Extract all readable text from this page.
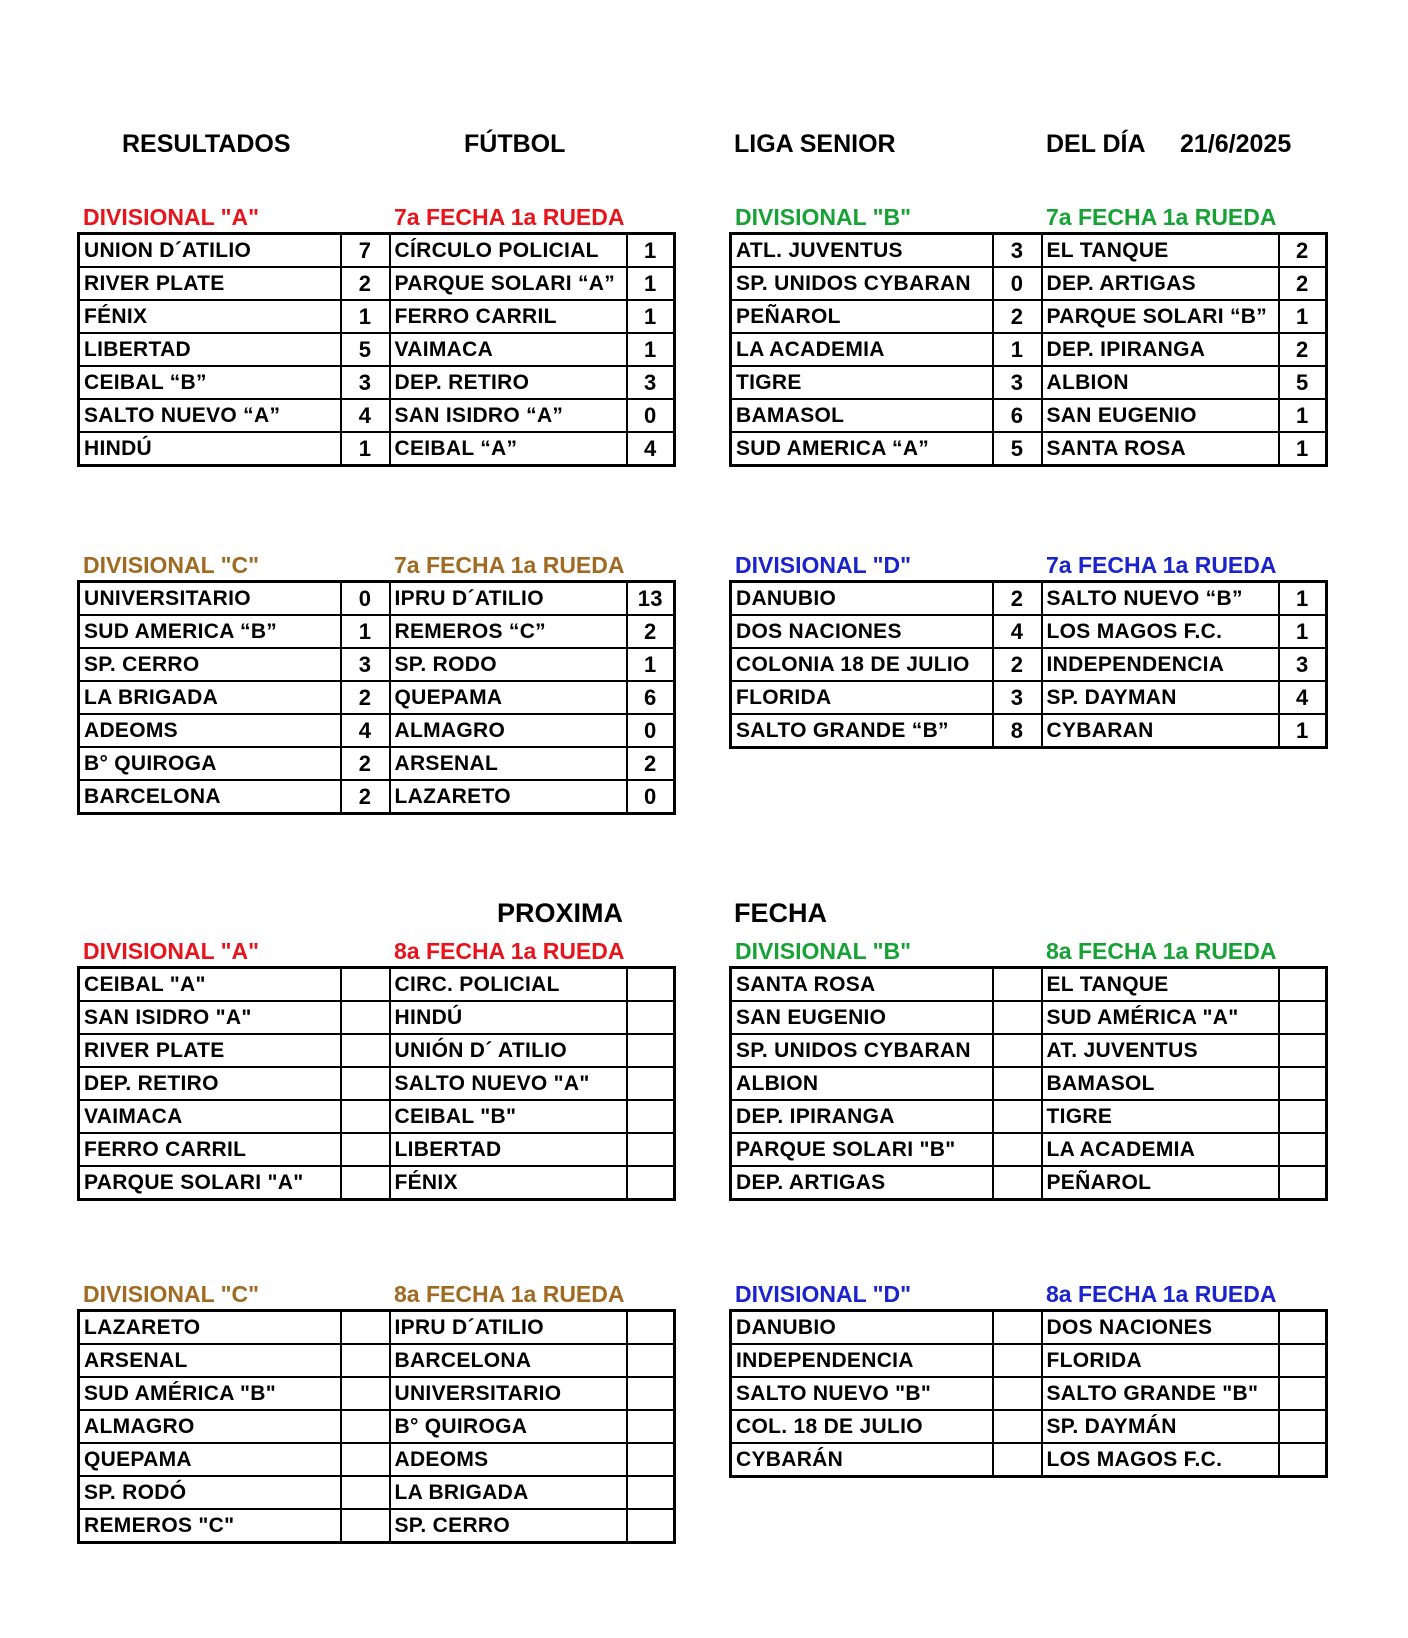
RESULTADOS	FÚTBOL	LIGA SENIOR	DEL DÍA 21/6/2025
DIVISIONAL "A"	7a FECHA 1a RUEDA
UNION D´ATILIO	7	CÍRCULO POLICIAL	1
RIVER PLATE	2	PARQUE SOLARI “A”	1
FÉNIX	1	FERRO CARRIL	1
LIBERTAD	5	VAIMACA	1
CEIBAL “B”	3	DEP. RETIRO	3
SALTO NUEVO “A”	4	SAN ISIDRO “A”	0
HINDÚ	1	CEIBAL “A”	4
DIVISIONAL "B"	7a FECHA 1a RUEDA
ATL. JUVENTUS	3	EL TANQUE	2
SP. UNIDOS CYBARAN	0	DEP. ARTIGAS	2
PEÑAROL	2	PARQUE SOLARI “B”	1
LA ACADEMIA	1	DEP. IPIRANGA	2
TIGRE	3	ALBION	5
BAMASOL	6	SAN EUGENIO	1
SUD AMERICA “A”	5	SANTA ROSA	1
DIVISIONAL "C"	7a FECHA 1a RUEDA
UNIVERSITARIO	0	IPRU D´ATILIO	13
SUD AMERICA “B”	1	REMEROS “C”	2
SP. CERRO	3	SP. RODO	1
LA BRIGADA	2	QUEPAMA	6
ADEOMS	4	ALMAGRO	0
B° QUIROGA	2	ARSENAL	2
BARCELONA	2	LAZARETO	0
DIVISIONAL "D"	7a FECHA 1a RUEDA
DANUBIO	2	SALTO NUEVO “B”	1
DOS NACIONES	4	LOS MAGOS F.C.	1
COLONIA 18 DE JULIO	2	INDEPENDENCIA	3
FLORIDA	3	SP. DAYMAN	4
SALTO GRANDE “B”	8	CYBARAN	1
PROXIMA	FECHA
DIVISIONAL "A"	8a FECHA 1a RUEDA
CEIBAL "A"		CIRC. POLICIAL	
SAN ISIDRO "A"		HINDÚ	
RIVER PLATE		UNIÓN D´ ATILIO	
DEP. RETIRO		SALTO NUEVO "A"	
VAIMACA		CEIBAL "B"	
FERRO CARRIL		LIBERTAD	
PARQUE SOLARI "A"		FÉNIX	
DIVISIONAL "B"	8a FECHA 1a RUEDA
SANTA ROSA		EL TANQUE	
SAN EUGENIO		SUD AMÉRICA "A"	
SP. UNIDOS CYBARAN		AT. JUVENTUS	
ALBION		BAMASOL	
DEP. IPIRANGA		TIGRE	
PARQUE SOLARI "B"		LA ACADEMIA	
DEP. ARTIGAS		PEÑAROL	
DIVISIONAL "C"	8a FECHA 1a RUEDA
LAZARETO		IPRU D´ATILIO	
ARSENAL		BARCELONA	
SUD AMÉRICA "B"		UNIVERSITARIO	
ALMAGRO		B° QUIROGA	
QUEPAMA		ADEOMS	
SP. RODÓ		LA BRIGADA	
REMEROS "C"		SP. CERRO	
DIVISIONAL "D"	8a FECHA 1a RUEDA
DANUBIO		DOS NACIONES	
INDEPENDENCIA		FLORIDA	
SALTO NUEVO "B"		SALTO GRANDE "B"	
COL. 18 DE JULIO		SP. DAYMÁN	
CYBARÁN		LOS MAGOS F.C.	
